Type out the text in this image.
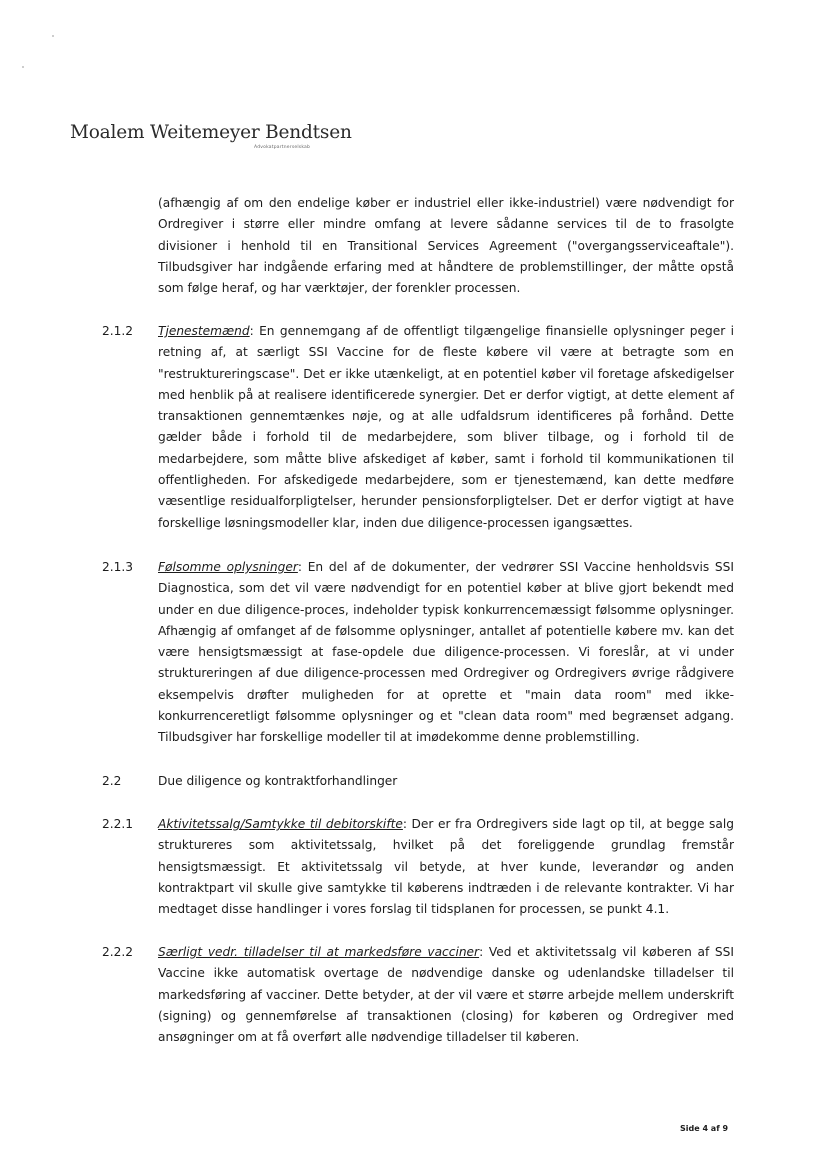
Moalem Weitemeyer Bendtsen
Advokatpartnerselskab

(afhængig af om den endelige køber er industriel eller ikke-industriel) være nødvendigt for Ordregiver i større eller mindre omfang at levere sådanne services til de to frasolgte divisioner i henhold til en Transitional Services Agreement ("overgangsserviceaftale"). Tilbudsgiver har indgående erfaring med at håndtere de problemstillinger, der måtte opstå som følge heraf, og har værktøjer, der forenkler processen.

2.1.2 Tjenestemænd: En gennemgang af de offentligt tilgængelige finansielle oplysninger peger i retning af, at særligt SSI Vaccine for de fleste købere vil være at betragte som en "restruktureringscase". Det er ikke utænkeligt, at en potentiel køber vil foretage afskedigelser med henblik på at realisere identificerede synergier. Det er derfor vigtigt, at dette element af transaktionen gennemtænkes nøje, og at alle udfaldsrum identificeres på forhånd. Dette gælder både i forhold til de medarbejdere, som bliver tilbage, og i forhold til de medarbejdere, som måtte blive afskediget af køber, samt i forhold til kommunikationen til offentligheden. For afskedigede medarbejdere, som er tjenestemænd, kan dette medføre væsentlige residualforpligtelser, herunder pensionsforpligtelser. Det er derfor vigtigt at have forskellige løsningsmodeller klar, inden due diligence-processen igangsættes.

2.1.3 Følsomme oplysninger: En del af de dokumenter, der vedrører SSI Vaccine henholdsvis SSI Diagnostica, som det vil være nødvendigt for en potentiel køber at blive gjort bekendt med under en due diligence-proces, indeholder typisk konkurrencemæssigt følsomme oplysninger. Afhængig af omfanget af de følsomme oplysninger, antallet af potentielle købere mv. kan det være hensigtsmæssigt at fase-opdele due diligence-processen. Vi foreslår, at vi under struktureringen af due diligence-processen med Ordregiver og Ordregivers øvrige rådgivere eksempelvis drøfter muligheden for at oprette et "main data room" med ikke-konkurrenceretligt følsomme oplysninger og et "clean data room" med begrænset adgang. Tilbudsgiver har forskellige modeller til at imødekomme denne problemstilling.

2.2	Due diligence og kontraktforhandlinger
2.2.1 Aktivitetssalg/Samtykke til debitorskifte: Der er fra Ordregivers side lagt op til, at begge salg struktureres som aktivitetssalg, hvilket på det foreliggende grundlag fremstår hensigtsmæssigt. Et aktivitetssalg vil betyde, at hver kunde, leverandør og anden kontraktpart vil skulle give samtykke til køberens indtræden i de relevante kontrakter. Vi har medtaget disse handlinger i vores forslag til tidsplanen for processen, se punkt 4.1.

2.2.2 Særligt vedr. tilladelser til at markedsføre vacciner: Ved et aktivitetssalg vil køberen af SSI Vaccine ikke automatisk overtage de nødvendige danske og udenlandske tilladelser til markedsføring af vacciner. Dette betyder, at der vil være et større arbejde mellem underskrift (signing) og gennemførelse af transaktionen (closing) for køberen og Ordregiver med ansøgninger om at få overført alle nødvendige tilladelser til køberen.

Side 4 af 9
